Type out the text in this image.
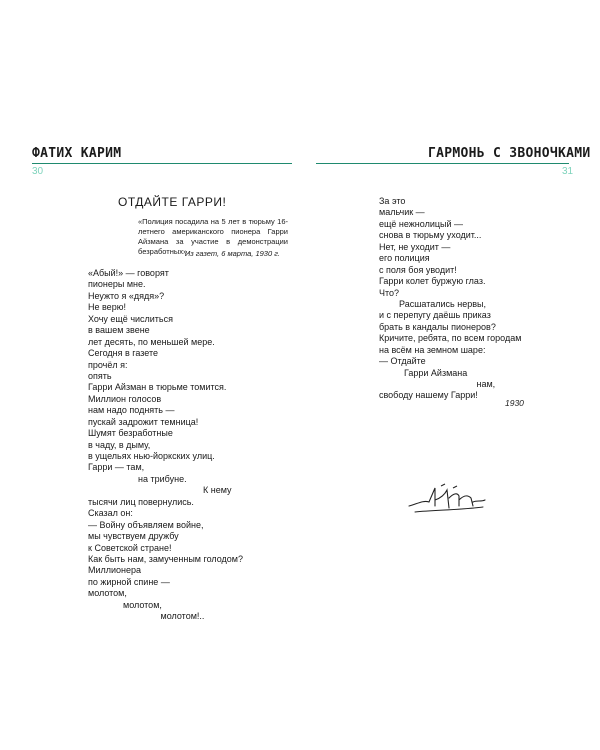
ФАТИХ КАРИМ
30
ОТДАЙТЕ ГАРРИ!
«Полиция посадила на 5 лет в тюрьму 16-летнего американского пионера Гарри Айзмана за участие в демонстрации безработных».
Из газет, 6 марта, 1930 г.
«Абый!» — говорят
пионеры мне.
Неужто я «дядя»?
Не верю!
Хочу ещё числиться
в вашем звене
лет десять, по меньшей мере.
Сегодня в газете
прочёл я:
опять
Гарри Айзман в тюрьме томится.
Миллион голосов
нам надо поднять —
пускай задрожит темница!
Шумят безработные
в чаду, в дыму,
в ущельях нью-йоркских улиц.
Гарри — там,
на трибуне.
К нему
тысячи лиц повернулись.
Сказал он:
— Войну объявляем войне,
мы чувствуем дружбу
к Советской стране!
Как быть нам, замученным голодом?
Миллионера
по жирной спине —
молотом,
молотом,
молотом!..
ГАРМОНЬ С ЗВОНОЧКАМИ
31
За это
мальчик —
ещё нежнолицый —
снова в тюрьму уходит...
Нет, не уходит —
его полиция
с поля боя уводит!
Гарри колет буржую глаз.
Что?
Расшатались нервы,
и с перепугу даёшь приказ
брать в кандалы пионеров?
Кричите, ребята, по всем городам
на всём на земном шаре:
— Отдайте
Гарри Айзмана
нам,
свободу нашему Гарри!
1930
